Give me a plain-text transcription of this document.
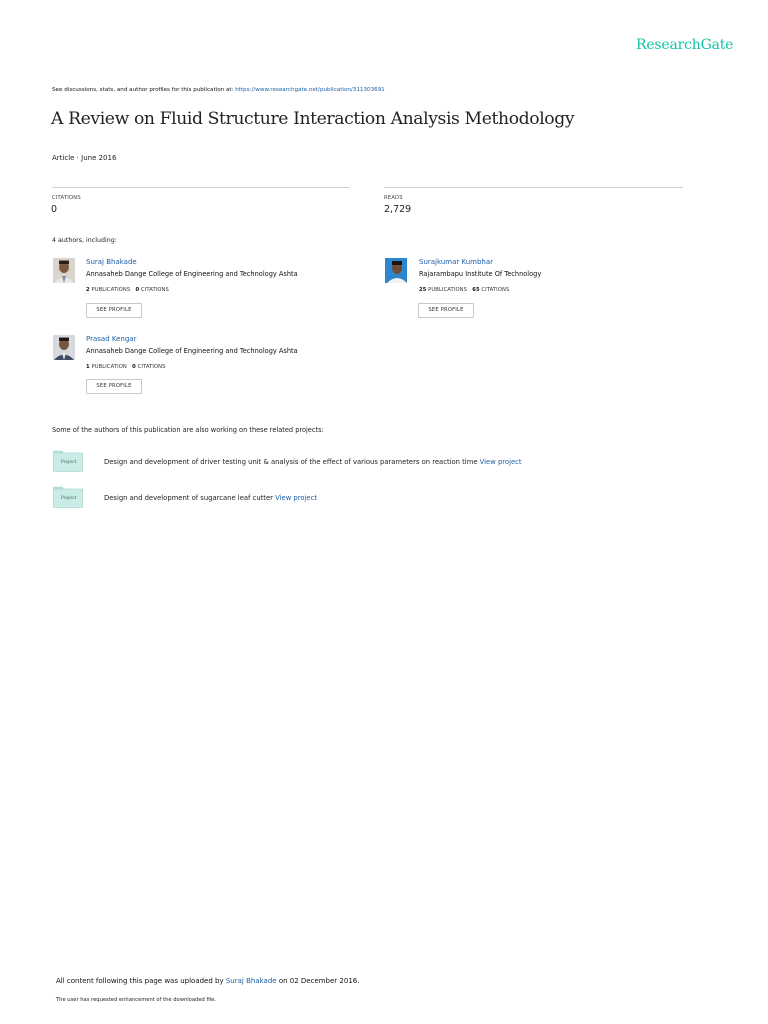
ResearchGate
See discussions, stats, and author profiles for this publication at: https://www.researchgate.net/publication/311303691
A Review on Fluid Structure Interaction Analysis Methodology
Article · June 2016
CITATIONS
0
READS
2,729
4 authors, including:
Suraj Bhakade
Annasaheb Dange College of Engineering and Technology Ashta
2 PUBLICATIONS 0 CITATIONS
SEE PROFILE
Surajkumar Kumbhar
Rajarambapu Institute Of Technology
25 PUBLICATIONS 65 CITATIONS
SEE PROFILE
Prasad Kengar
Annasaheb Dange College of Engineering and Technology Ashta
1 PUBLICATION 0 CITATIONS
SEE PROFILE
Some of the authors of this publication are also working on these related projects:
Project	Design and development of driver testing unit & analysis of the effect of various parameters on reaction time View project
Project	Design and development of sugarcane leaf cutter View project
All content following this page was uploaded by Suraj Bhakade on 02 December 2016.
The user has requested enhancement of the downloaded file.
